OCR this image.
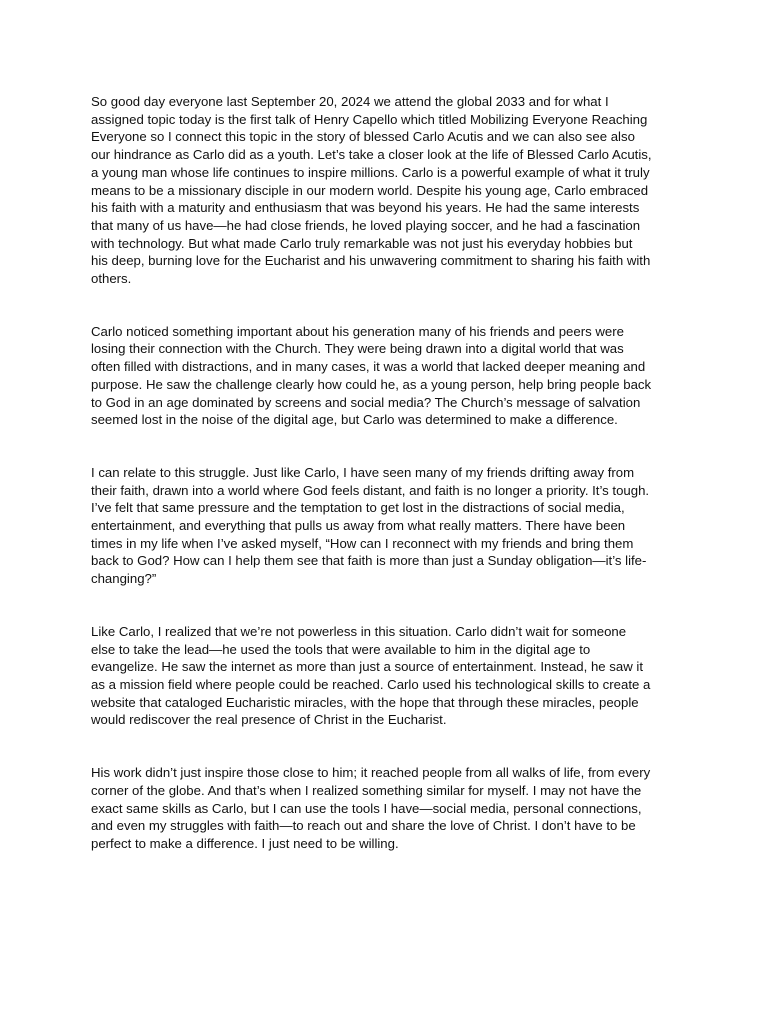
So good day everyone last September 20, 2024 we attend the global 2033 and for what I
assigned topic today is the first talk of Henry Capello which titled Mobilizing Everyone Reaching
Everyone so I connect this topic in the story of blessed Carlo Acutis and we can also see also
our hindrance as Carlo did as a youth. Let’s take a closer look at the life of Blessed Carlo Acutis,
a young man whose life continues to inspire millions. Carlo is a powerful example of what it truly
means to be a missionary disciple in our modern world. Despite his young age, Carlo embraced
his faith with a maturity and enthusiasm that was beyond his years. He had the same interests
that many of us have—he had close friends, he loved playing soccer, and he had a fascination
with technology. But what made Carlo truly remarkable was not just his everyday hobbies but
his deep, burning love for the Eucharist and his unwavering commitment to sharing his faith with
others.

Carlo noticed something important about his generation many of his friends and peers were
losing their connection with the Church. They were being drawn into a digital world that was
often filled with distractions, and in many cases, it was a world that lacked deeper meaning and
purpose. He saw the challenge clearly how could he, as a young person, help bring people back
to God in an age dominated by screens and social media? The Church’s message of salvation
seemed lost in the noise of the digital age, but Carlo was determined to make a difference.

I can relate to this struggle. Just like Carlo, I have seen many of my friends drifting away from
their faith, drawn into a world where God feels distant, and faith is no longer a priority. It’s tough.
I’ve felt that same pressure and the temptation to get lost in the distractions of social media,
entertainment, and everything that pulls us away from what really matters. There have been
times in my life when I’ve asked myself, “How can I reconnect with my friends and bring them
back to God? How can I help them see that faith is more than just a Sunday obligation—it’s life-
changing?”

Like Carlo, I realized that we’re not powerless in this situation. Carlo didn’t wait for someone
else to take the lead—he used the tools that were available to him in the digital age to
evangelize. He saw the internet as more than just a source of entertainment. Instead, he saw it
as a mission field where people could be reached. Carlo used his technological skills to create a
website that cataloged Eucharistic miracles, with the hope that through these miracles, people
would rediscover the real presence of Christ in the Eucharist.

His work didn’t just inspire those close to him; it reached people from all walks of life, from every
corner of the globe. And that’s when I realized something similar for myself. I may not have the
exact same skills as Carlo, but I can use the tools I have—social media, personal connections,
and even my struggles with faith—to reach out and share the love of Christ. I don’t have to be
perfect to make a difference. I just need to be willing.
